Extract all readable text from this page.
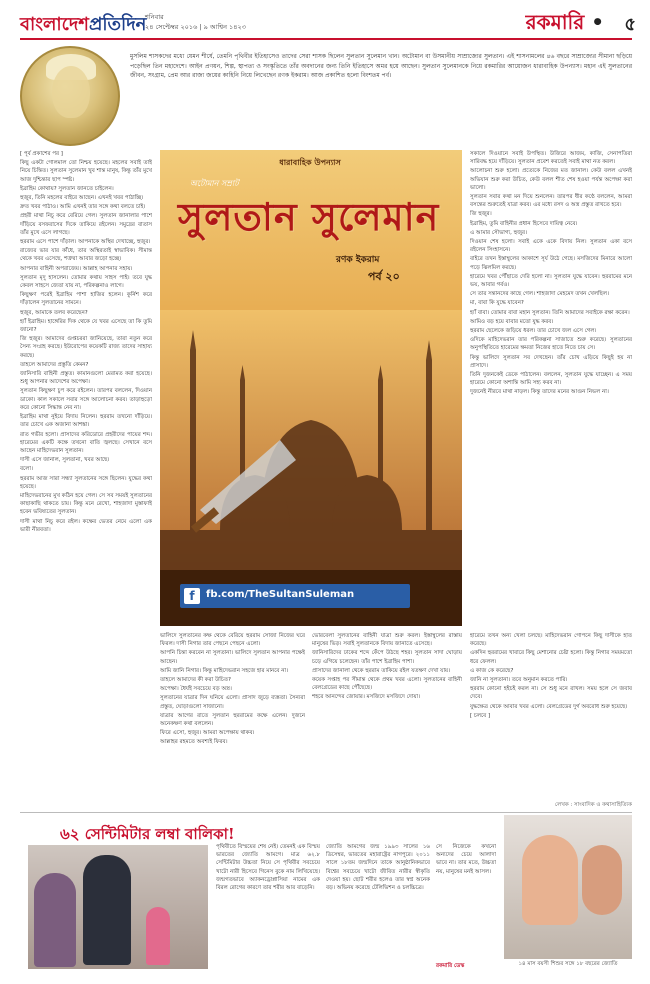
বাংলাদেশপ্রতিদিন
শনিবার
২৪ সেপ্টেম্বর ২০১৬ | ৯ আশ্বিন ১৪২৩	রকমারি • ৫
মুসলিম শাসকদের মধ্যে যেমন শীর্ষে, তেমনি পৃথিবীর ইতিহাসেও তাদের সেরা শাসক ছিলেন সুলতান সুলেমান খান। অটোমান বা উসমানীয় সাম্রাজ্যের সুলতান। এই শাসনামলের ৪৬ বছরে সাম্রাজ্যের সীমানা ছড়িয়ে পড়েছিল তিন মহাদেশে। আইন প্রণয়ন, শিল্প, স্থাপত্য ও সংস্কৃতিতে তাঁর অবদানের জন্য তিনি ইতিহাসে অমর হয়ে আছেন। সুলতান সুলেমানকে নিয়ে রকমারির আয়োজন ধারাবাহিক উপন্যাস। মহান এই সুলতানের জীবন, সংগ্রাম, প্রেম আর রাজ্য জয়ের কাহিনি নিয়ে লিখেছেন রণক ইকরাম। আজ প্রকাশিত হলো বিংশতম পর্ব।

[ পূর্ব প্রকাশের পর ]

কিছু একটা গোলমাল তো নিশ্চয় হয়েছে। মহলের সবাই তাই নিয়ে চিন্তিত। সুলতান সুলেমান খুব শান্ত মানুষ, কিন্তু তাঁর মুখে আজ দুশ্চিন্তার ছাপ স্পষ্ট।

ইব্রাহিম কোথায়? সুলতান জানতে চাইলেন।

হুজুর, তিনি মহলের বাইরে আছেন। এখনই খবর পাঠাচ্ছি।

দ্রুত খবর পাঠাও। আমি এখনই তার সঙ্গে কথা বলতে চাই।

প্রহরী মাথা নিচু করে বেরিয়ে গেল। সুলতান জানালার পাশে দাঁড়িয়ে বসফরাসের দিকে তাকিয়ে রইলেন। সমুদ্রের বাতাস তাঁর মুখে এসে লাগছে।

হুররাম এসে পাশে দাঁড়াল। আপনাকে অস্থির দেখাচ্ছে, হুজুর।

রাজ্যের ভার যার কাঁধে, তার অস্থিরতাই স্বাভাবিক। সীমান্ত থেকে খবর এসেছে, শত্রুরা আবার জড়ো হচ্ছে।

আপনার বাহিনী অপরাজেয়। আল্লাহ আপনার সহায়।

সুলতান মৃদু হাসলেন। তোমার কথায় সাহস পাই। তবে যুদ্ধ কেবল সাহসে জেতা যায় না, পরিকল্পনাও লাগে।

কিছুক্ষণ পরেই ইব্রাহিম পাশা হাজির হলেন। কুর্নিশ করে দাঁড়ালেন সুলতানের সামনে।

হুজুর, আমাকে তলব করেছেন?

হ্যাঁ ইব্রাহিম। হাঙ্গেরির দিক থেকে যে খবর এসেছে তা কি তুমি জানো?

জি হুজুর। আমাদের গুপ্তচররা জানিয়েছে, তারা নতুন করে সৈন্য সংগ্রহ করছে। ইউরোপের কয়েকটি রাজ্য তাদের সাহায্য করছে।

তাহলে আমাদের প্রস্তুতি কেমন?

জানিসারি বাহিনী প্রস্তুত। কামানগুলো মেরামত করা হয়েছে। শুধু আপনার আদেশের অপেক্ষা।

সুলতান কিছুক্ষণ চুপ করে রইলেন। তারপর বললেন, দিওয়ান ডাকো। কাল সকালে সবার সঙ্গে আলোচনা করব। তাড়াহুড়ো করে কোনো সিদ্ধান্ত নেব না।

ইব্রাহিম মাথা নুইয়ে বিদায় নিলেন। হুররাম তখনো দাঁড়িয়ে। তার চোখে এক অজানা আশঙ্কা।

রাত গভীর হলো। প্রাসাদের করিডোরে প্রহরীদের পায়ের শব্দ। হারেমের একটি কক্ষে তখনো বাতি জ্বলছে। সেখানে বসে আছেন মাহিদেভরান সুলতান।

দাসী এসে জানাল, সুলতানা, খবর আছে।

বলো।

হুররাম আজ সারা সন্ধ্যা সুলতানের সঙ্গে ছিলেন। যুদ্ধের কথা হয়েছে।

মাহিদেভরানের মুখ কঠিন হয়ে গেল। সে সব সময়ই সুলতানের কাছাকাছি থাকতে চায়। কিন্তু মনে রেখো, শাহজাদা মুস্তাফাই হবেন ভবিষ্যতের সুলতান।

দাসী মাথা নিচু করে রইল। কক্ষের ভেতর নেমে এলো এক ভারী নীরবতা।

ধারাবাহিক উপন্যাস
অটোমান সম্রাট
সুলতান সুলেমান
রণক ইকরাম
পর্ব ২০
f	fb.com/TheSultanSuleman

সকালে দিওয়ানে সবাই উপস্থিত। উজিরে আজম, কাজি, সেনাপতিরা সারিবদ্ধ হয়ে দাঁড়িয়ে। সুলতান প্রবেশ করতেই সবাই মাথা নত করল।

আলোচনা শুরু হলো। প্রত্যেকে নিজের মত জানাল। কেউ বলল এখনই অভিযান শুরু করা উচিত, কেউ বলল শীত শেষ হওয়া পর্যন্ত অপেক্ষা করা ভালো।

সুলতান সবার কথা মন দিয়ে শুনলেন। তারপর ধীর কণ্ঠে বললেন, আমরা বসন্তের শুরুতেই যাত্রা করব। এর মধ্যে রসদ ও অস্ত্র প্রস্তুত রাখতে হবে।

জি হুজুর।

ইব্রাহিম, তুমি বাহিনীর প্রধান হিসেবে দায়িত্ব নেবে।

এ আমার সৌভাগ্য, হুজুর।

দিওয়ান শেষ হলো। সবাই একে একে বিদায় নিল। সুলতান একা বসে রইলেন সিংহাসনে।

বাইরে তখন ইস্তাম্বুলের আকাশে সূর্য উঠে গেছে। মসজিদের মিনারে আলো পড়ে ঝিলমিল করছে।

হারেমে খবর পৌঁছাতে দেরি হলো না। সুলতান যুদ্ধে যাবেন। হুররামের মনে ভয়, আবার গর্বও।

সে তার সন্তানদের কাছে গেল। শাহজাদা মেহমেদ তখন খেলছিল।

মা, বাবা কি যুদ্ধে যাবেন?

হ্যাঁ বাবা। তোমার বাবা মহান সুলতান। তিনি আমাদের সবাইকে রক্ষা করেন।

আমিও বড় হয়ে বাবার মতো যুদ্ধ করব।

হুররাম ছেলেকে জড়িয়ে ধরল। তার চোখে জল এসে গেল।

ওদিকে মাহিদেভরান তার পরিকল্পনা সাজাতে শুরু করেছে। সুলতানের অনুপস্থিতিতে হারেমের ক্ষমতা নিজের হাতে নিতে চায় সে।

কিন্তু ভালিদে সুলতান সব দেখছেন। তাঁর চোখ এড়িয়ে কিছুই হয় না প্রাসাদে।

তিনি দুজনকেই ডেকে পাঠালেন। বললেন, সুলতান যুদ্ধে যাচ্ছেন। এ সময় হারেমে কোনো অশান্তি আমি সহ্য করব না।

দুজনেই নীরবে মাথা নাড়ল। কিন্তু তাদের মনের আগুন নিভল না।

ভালিদে সুলতানের কক্ষ থেকে বেরিয়ে হুররাম সোজা নিজের ঘরে ফিরল। দাসী নিগার তার পেছনে পেছনে এলো।

আপনি চিন্তা করবেন না সুলতানা। ভালিদে সুলতান আপনার পক্ষেই আছেন।

আমি জানি নিগার। কিন্তু মাহিদেভরান সহজে হার মানবে না।

তাহলে আমাদের কী করা উচিত?

অপেক্ষা। ধৈর্যই সবচেয়ে বড় অস্ত্র।

সুলতানের যাত্রার দিন ঘনিয়ে এলো। প্রাসাদ জুড়ে ব্যস্ততা। সৈন্যরা প্রস্তুত, ঘোড়াগুলো সাজানো।

যাত্রার আগের রাতে সুলতান হুররামের কক্ষে এলেন। দুজনে অনেকক্ষণ কথা বললেন।

ফিরে এসো, হুজুর। আমরা অপেক্ষায় থাকব।

আল্লাহর রহমতে অবশ্যই ফিরব।

ভোরবেলা সুলতানের বাহিনী যাত্রা শুরু করল। ইস্তাম্বুলের রাস্তায় মানুষের ভিড়। সবাই সুলতানকে বিদায় জানাতে এসেছে।

জানিসারিদের ঢাকের শব্দে কেঁপে উঠছে শহর। সুলতান সাদা ঘোড়ায় চড়ে এগিয়ে চলেছেন। তাঁর পাশে ইব্রাহিম পাশা।

প্রাসাদের জানালা থেকে হুররাম তাকিয়ে রইল যতক্ষণ দেখা যায়।

কয়েক সপ্তাহ পর সীমান্ত থেকে প্রথম খবর এলো। সুলতানের বাহিনী বেলগ্রেডের কাছে পৌঁছেছে।

শহরে আনন্দের জোয়ার। মসজিদে মসজিদে দোয়া।

হারেমে তখন অন্য খেলা চলছে। মাহিদেভরান গোপনে কিছু দাসীকে হাত করেছে।

একদিন হুররামের খাবারে কিছু মেশানোর চেষ্টা হলো। কিন্তু নিগার সময়মতো ধরে ফেলল।

এ কাজ কে করেছে?

জানি না সুলতানা। তবে অনুমান করতে পারি।

হুররাম কোনো হইচই করল না। সে শুধু মনে রাখল। সময় হলে সে জবাব দেবে।

যুদ্ধক্ষেত্র থেকে আবার খবর এলো। বেলগ্রেডের দুর্গ অবরোধ শুরু হয়েছে।

[ চলবে ]

লেখক : সাংবাদিক ও কথাসাহিত্যিক
৬২ সেন্টিমিটার লম্বা বালিকা!
পৃথিবীতে বিস্ময়ের শেষ নেই। তেমনই এক বিস্ময় ভারতের জ্যোতি আমগে। মাত্র ৬২.৮ সেন্টিমিটার উচ্চতা নিয়ে সে পৃথিবীর সবচেয়ে খাটো নারী হিসেবে গিনেস বুকে নাম লিখিয়েছে। জন্মগতভাবে অ্যাকনড্রোপ্লাসিয়া নামের এক বিরল রোগের কারণে তার শরীর আর বাড়েনি।
জ্যোতি আমগের জন্ম ১৯৯৩ সালের ১৬ ডিসেম্বর, ভারতের মহারাষ্ট্রের নাগপুরে। ২০১১ সালে ১৮তম জন্মদিনে তাকে আনুষ্ঠানিকভাবে বিশ্বের সবচেয়ে খাটো জীবিত নারীর স্বীকৃতি দেওয়া হয়। ছোট শরীর হলেও তার স্বপ্ন অনেক বড়। অভিনয় করেছে টেলিভিশন ও চলচ্চিত্রে।
সে নিজেকে কখনো অন্যদের চেয়ে আলাদা ভাবে না। তার মতে, উচ্চতা নয়, মানুষের মনই আসল।
রকমারি ডেস্ক	১৪ মাস বয়সী শিশুর সঙ্গে ১৮ বছরের জ্যোতি
